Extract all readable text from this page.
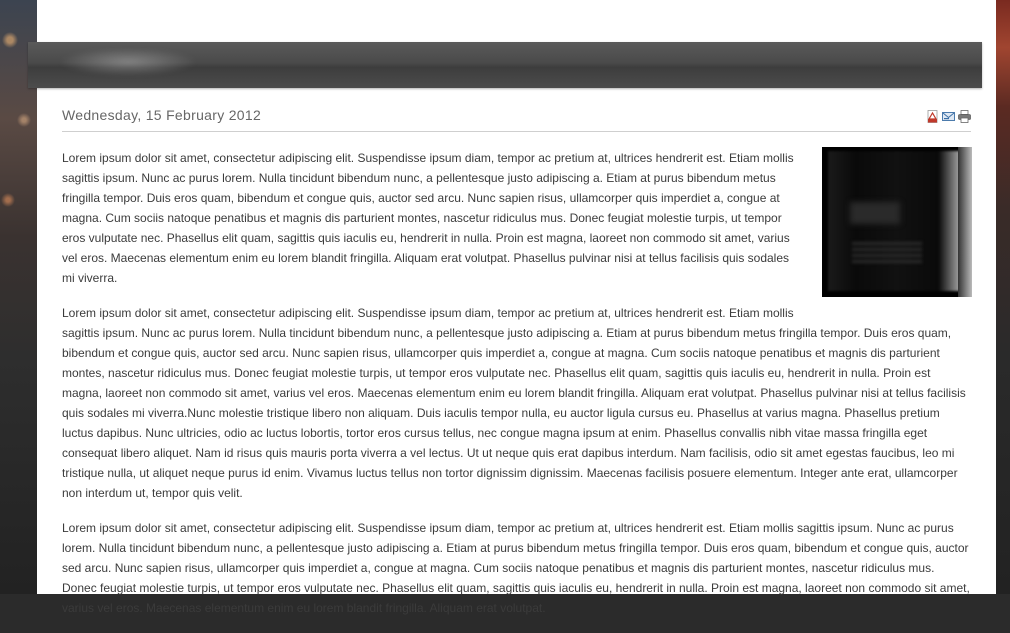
Wednesday, 15 February 2012

Lorem ipsum dolor sit amet, consectetur adipiscing elit. Suspendisse ipsum diam, tempor ac pretium at, ultrices hendrerit est. Etiam mollis sagittis ipsum. Nunc ac purus lorem. Nulla tincidunt bibendum nunc, a pellentesque justo adipiscing a. Etiam at purus bibendum metus fringilla tempor. Duis eros quam, bibendum et congue quis, auctor sed arcu. Nunc sapien risus, ullamcorper quis imperdiet a, congue at magna. Cum sociis natoque penatibus et magnis dis parturient montes, nascetur ridiculus mus. Donec feugiat molestie turpis, ut tempor eros vulputate nec. Phasellus elit quam, sagittis quis iaculis eu, hendrerit in nulla. Proin est magna, laoreet non commodo sit amet, varius vel eros. Maecenas elementum enim eu lorem blandit fringilla. Aliquam erat volutpat. Phasellus pulvinar nisi at tellus facilisis quis sodales mi viverra.

Lorem ipsum dolor sit amet, consectetur adipiscing elit. Suspendisse ipsum diam, tempor ac pretium at, ultrices hendrerit est. Etiam mollis sagittis ipsum. Nunc ac purus lorem. Nulla tincidunt bibendum nunc, a pellentesque justo adipiscing a. Etiam at purus bibendum metus fringilla tempor. Duis eros quam, bibendum et congue quis, auctor sed arcu. Nunc sapien risus, ullamcorper quis imperdiet a, congue at magna. Cum sociis natoque penatibus et magnis dis parturient montes, nascetur ridiculus mus. Donec feugiat molestie turpis, ut tempor eros vulputate nec. Phasellus elit quam, sagittis quis iaculis eu, hendrerit in nulla. Proin est magna, laoreet non commodo sit amet, varius vel eros. Maecenas elementum enim eu lorem blandit fringilla. Aliquam erat volutpat. Phasellus pulvinar nisi at tellus facilisis quis sodales mi viverra.Nunc molestie tristique libero non aliquam. Duis iaculis tempor nulla, eu auctor ligula cursus eu. Phasellus at varius magna. Phasellus pretium luctus dapibus. Nunc ultricies, odio ac luctus lobortis, tortor eros cursus tellus, nec congue magna ipsum at enim. Phasellus convallis nibh vitae massa fringilla eget consequat libero aliquet. Nam id risus quis mauris porta viverra a vel lectus. Ut ut neque quis erat dapibus interdum. Nam facilisis, odio sit amet egestas faucibus, leo mi tristique nulla, ut aliquet neque purus id enim. Vivamus luctus tellus non tortor dignissim dignissim. Maecenas facilisis posuere elementum. Integer ante erat, ullamcorper non interdum ut, tempor quis velit.

Lorem ipsum dolor sit amet, consectetur adipiscing elit. Suspendisse ipsum diam, tempor ac pretium at, ultrices hendrerit est. Etiam mollis sagittis ipsum. Nunc ac purus lorem. Nulla tincidunt bibendum nunc, a pellentesque justo adipiscing a. Etiam at purus bibendum metus fringilla tempor. Duis eros quam, bibendum et congue quis, auctor sed arcu. Nunc sapien risus, ullamcorper quis imperdiet a, congue at magna. Cum sociis natoque penatibus et magnis dis parturient montes, nascetur ridiculus mus. Donec feugiat molestie turpis, ut tempor eros vulputate nec. Phasellus elit quam, sagittis quis iaculis eu, hendrerit in nulla. Proin est magna, laoreet non commodo sit amet, varius vel eros. Maecenas elementum enim eu lorem blandit fringilla. Aliquam erat volutpat.
